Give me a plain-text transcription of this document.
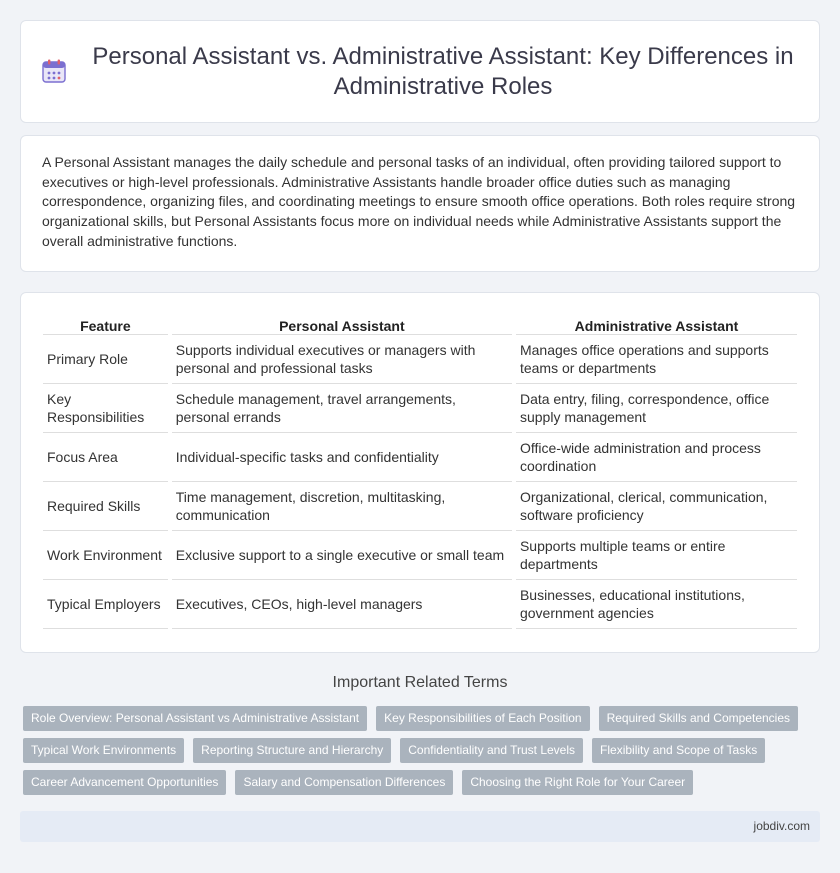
Personal Assistant vs. Administrative Assistant: Key Differences in Administrative Roles

A Personal Assistant manages the daily schedule and personal tasks of an individual, often providing tailored support to executives or high-level professionals. Administrative Assistants handle broader office duties such as managing correspondence, organizing files, and coordinating meetings to ensure smooth office operations. Both roles require strong organizational skills, but Personal Assistants focus more on individual needs while Administrative Assistants support the overall administrative functions.

Feature	Personal Assistant	Administrative Assistant
Primary Role	Supports individual executives or managers with personal and professional tasks	Manages office operations and supports teams or departments
Key Responsibilities	Schedule management, travel arrangements, personal errands	Data entry, filing, correspondence, office supply management
Focus Area	Individual-specific tasks and confidentiality	Office-wide administration and process coordination
Required Skills	Time management, discretion, multitasking, communication	Organizational, clerical, communication, software proficiency
Work Environment	Exclusive support to a single executive or small team	Supports multiple teams or entire departments
Typical Employers	Executives, CEOs, high-level managers	Businesses, educational institutions, government agencies
Important Related Terms
Role Overview: Personal Assistant vs Administrative Assistant	Key Responsibilities of Each Position	Required Skills and Competencies
Typical Work Environments	Reporting Structure and Hierarchy	Confidentiality and Trust Levels	Flexibility and Scope of Tasks
Career Advancement Opportunities	Salary and Compensation Differences	Choosing the Right Role for Your Career
jobdiv.com
